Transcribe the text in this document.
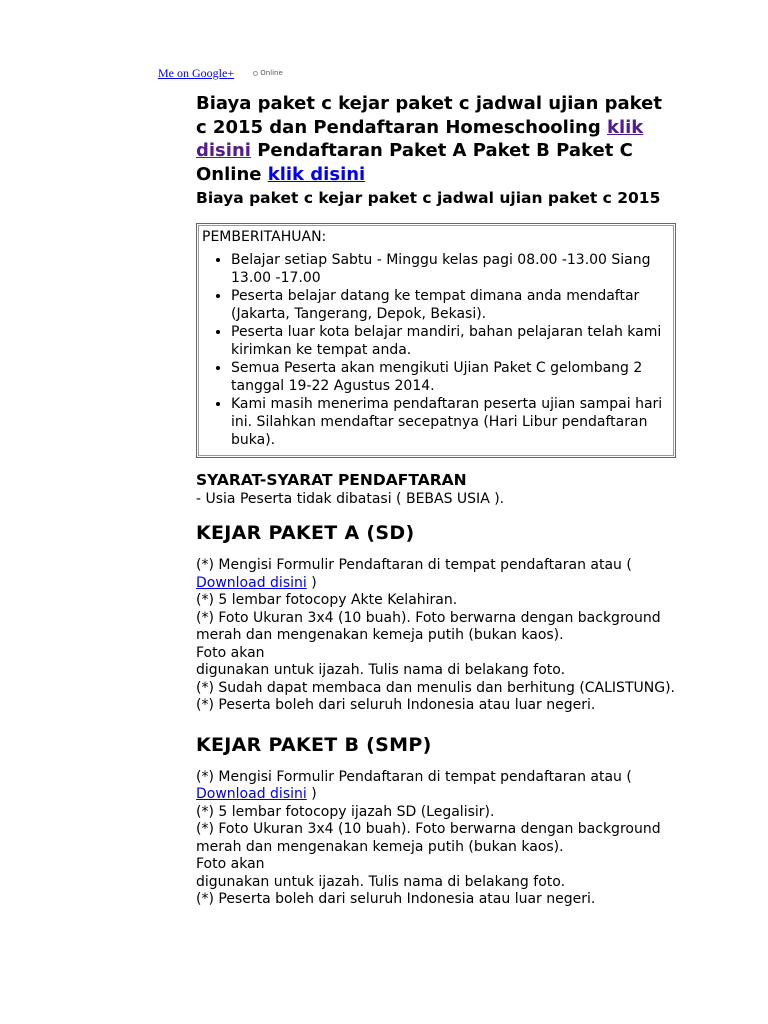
Me on Google+	Online
Biaya paket c kejar paket c jadwal ujian paket c 2015 dan Pendaftaran Homeschooling klik disini Pendaftaran Paket A Paket B Paket C Online klik disini
Biaya paket c kejar paket c jadwal ujian paket c 2015

PEMBERITAHUAN:

• Belajar setiap Sabtu - Minggu kelas pagi 08.00 -13.00 Siang 13.00 -17.00
• Peserta belajar datang ke tempat dimana anda mendaftar (Jakarta, Tangerang, Depok, Bekasi).
• Peserta luar kota belajar mandiri, bahan pelajaran telah kami kirimkan ke tempat anda.
• Semua Peserta akan mengikuti Ujian Paket C gelombang 2 tanggal 19-22 Agustus 2014.
• Kami masih menerima pendaftaran peserta ujian sampai hari ini. Silahkan mendaftar secepatnya (Hari Libur pendaftaran buka).
SYARAT-SYARAT PENDAFTARAN
- Usia Peserta tidak dibatasi ( BEBAS USIA ).
KEJAR PAKET A (SD)

(*) Mengisi Formulir Pendaftaran di tempat pendaftaran atau ( Download disini )

(*) 5 lembar fotocopy Akte Kelahiran.

(*) Foto Ukuran 3x4 (10 buah). Foto berwarna dengan background merah dan mengenakan kemeja putih (bukan kaos).

Foto akan

digunakan untuk ijazah. Tulis nama di belakang foto.

(*) Sudah dapat membaca dan menulis dan berhitung (CALISTUNG).

(*) Peserta boleh dari seluruh Indonesia atau luar negeri.

KEJAR PAKET B (SMP)

(*) Mengisi Formulir Pendaftaran di tempat pendaftaran atau ( Download disini )

(*) 5 lembar fotocopy ijazah SD (Legalisir).

(*) Foto Ukuran 3x4 (10 buah). Foto berwarna dengan background merah dan mengenakan kemeja putih (bukan kaos).

Foto akan

digunakan untuk ijazah. Tulis nama di belakang foto.

(*) Peserta boleh dari seluruh Indonesia atau luar negeri.
